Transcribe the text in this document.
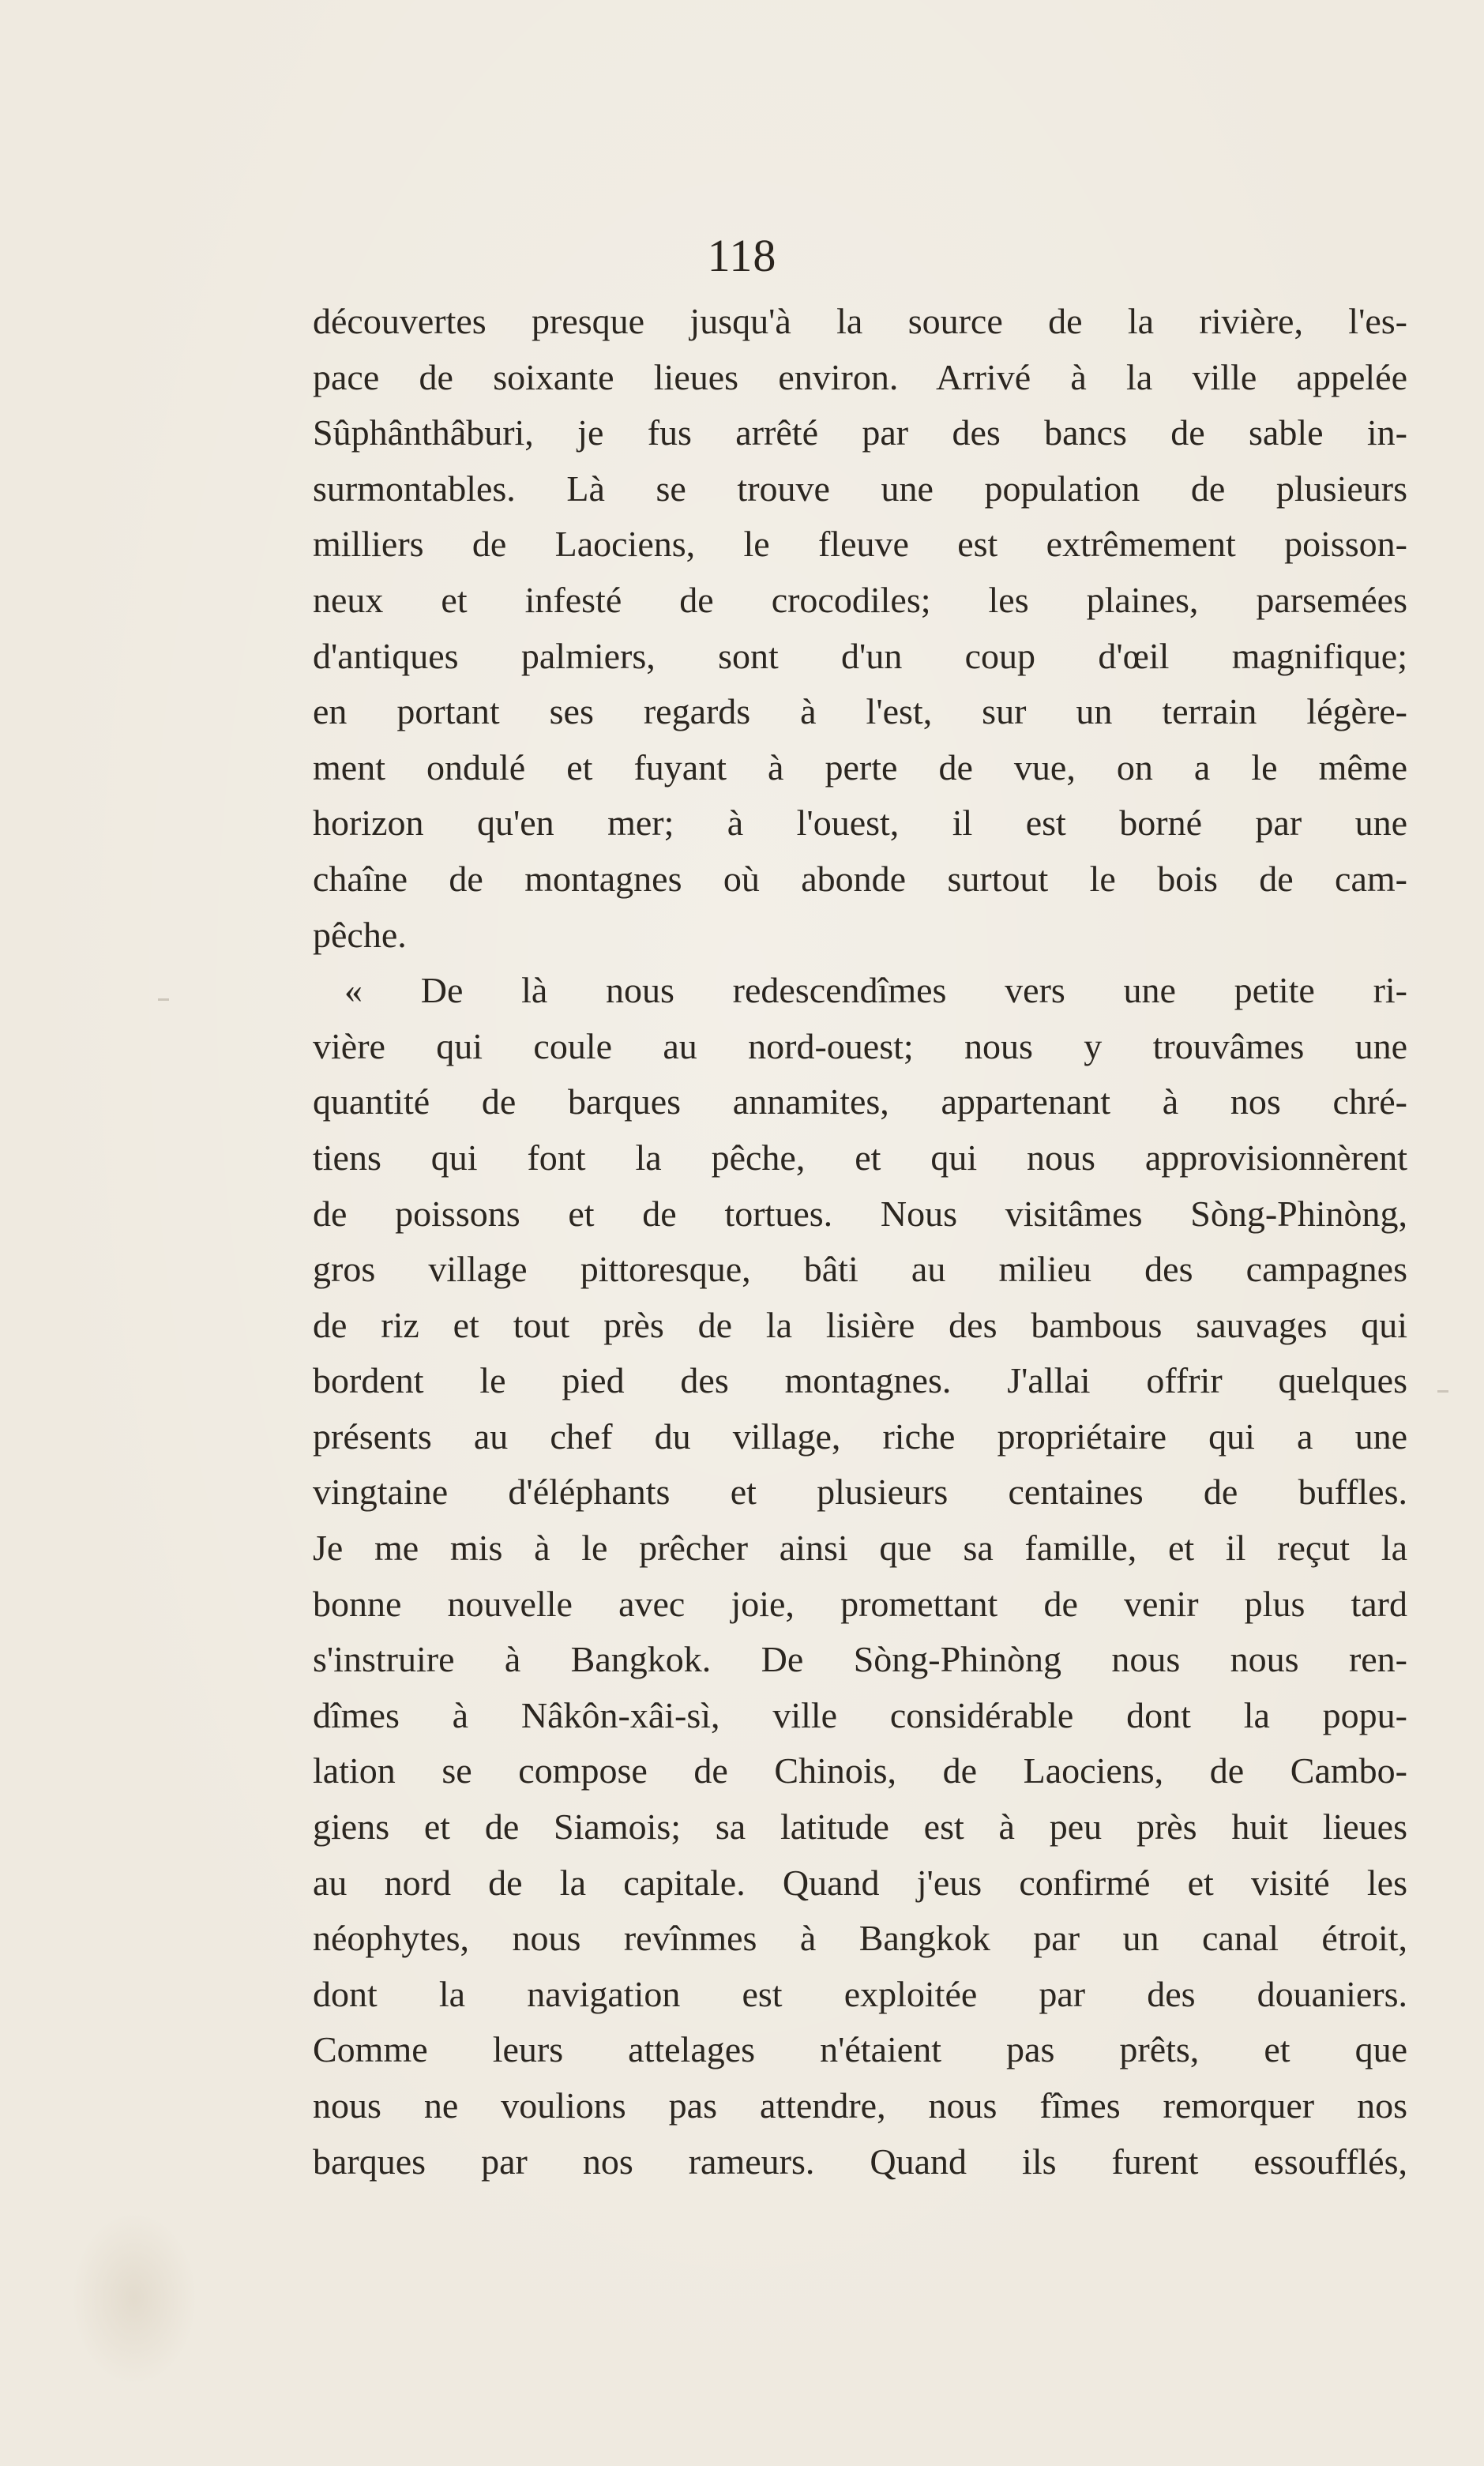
118
découvertes presque jusqu'à la source de la rivière, l'es-
pace de soixante lieues environ. Arrivé à la ville appelée
Sûphânthâburi, je fus arrêté par des bancs de sable in-
surmontables. Là se trouve une population de plusieurs
milliers de Laociens, le fleuve est extrêmement poisson-
neux et infesté de crocodiles; les plaines, parsemées
d'antiques palmiers, sont d'un coup d'œil magnifique;
en portant ses regards à l'est, sur un terrain légère-
ment ondulé et fuyant à perte de vue, on a le même
horizon qu'en mer; à l'ouest, il est borné par une
chaîne de montagnes où abonde surtout le bois de cam-
pêche.
« De là nous redescendîmes vers une petite ri-
vière qui coule au nord-ouest; nous y trouvâmes une
quantité de barques annamites, appartenant à nos chré-
tiens qui font la pêche, et qui nous approvisionnèrent
de poissons et de tortues. Nous visitâmes Sòng-Phinòng,
gros village pittoresque, bâti au milieu des campagnes
de riz et tout près de la lisière des bambous sauvages qui
bordent le pied des montagnes. J'allai offrir quelques
présents au chef du village, riche propriétaire qui a une
vingtaine d'éléphants et plusieurs centaines de buffles.
Je me mis à le prêcher ainsi que sa famille, et il reçut la
bonne nouvelle avec joie, promettant de venir plus tard
s'instruire à Bangkok. De Sòng-Phinòng nous nous ren-
dîmes à Nâkôn-xâi-sì, ville considérable dont la popu-
lation se compose de Chinois, de Laociens, de Cambo-
giens et de Siamois; sa latitude est à peu près huit lieues
au nord de la capitale. Quand j'eus confirmé et visité les
néophytes, nous revînmes à Bangkok par un canal étroit,
dont la navigation est exploitée par des douaniers.
Comme leurs attelages n'étaient pas prêts, et que
nous ne voulions pas attendre, nous fîmes remorquer nos
barques par nos rameurs. Quand ils furent essoufflés,
